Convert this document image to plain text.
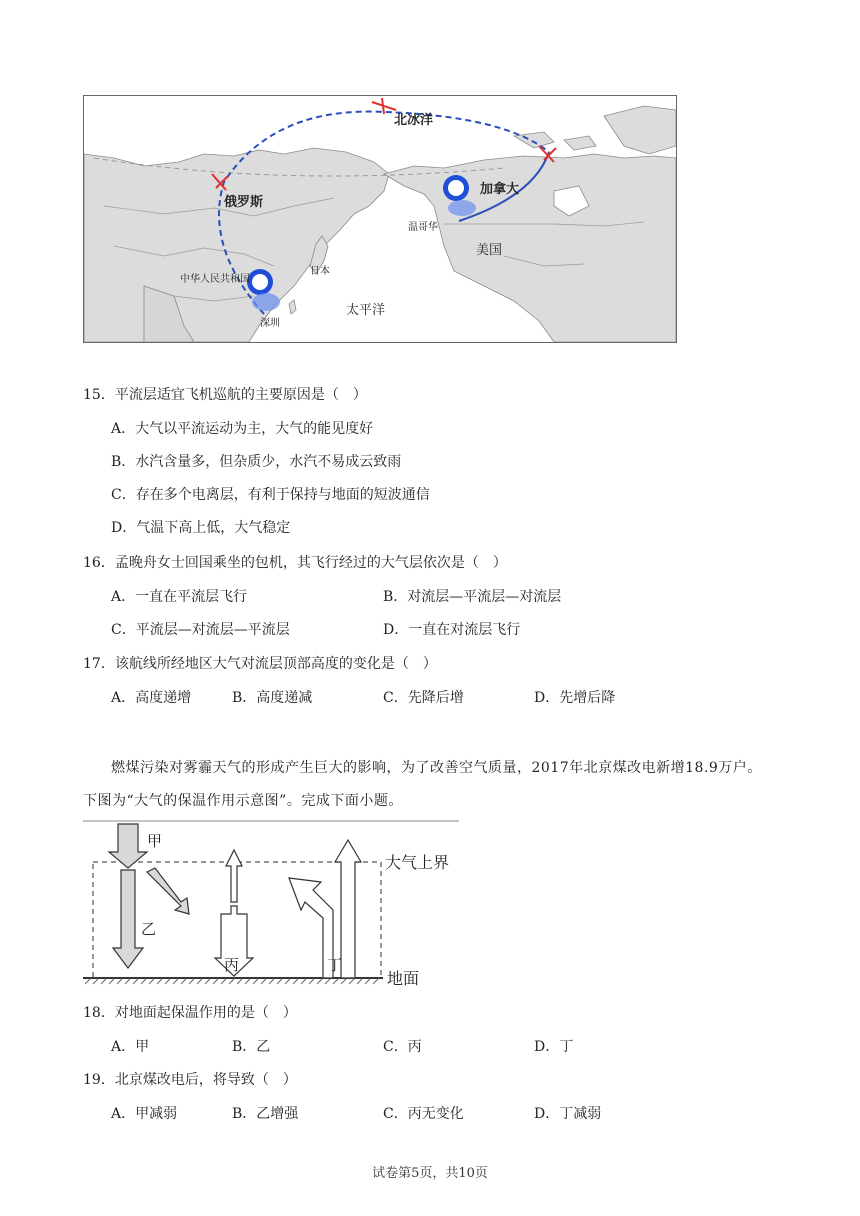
北冰洋
俄罗斯
加拿大
温哥华
美国
中华人民共和国
日本
太平洋
深圳
15．平流层适宜飞机巡航的主要原因是（　）
A．大气以平流运动为主，大气的能见度好
B．水汽含量多，但杂质少，水汽不易成云致雨
C．存在多个电离层，有利于保持与地面的短波通信
D．气温下高上低，大气稳定
16．孟晚舟女士回国乘坐的包机，其飞行经过的大气层依次是（　）
A．一直在平流层飞行	B．对流层—平流层—对流层
C．平流层—对流层—平流层	D．一直在对流层飞行
17．该航线所经地区大气对流层顶部高度的变化是（　）
A．高度递增	B．高度递减	C．先降后增	D．先增后降
燃煤污染对雾霾天气的形成产生巨大的影响，为了改善空气质量，2017年北京煤改电新增18.9万户。
下图为“大气的保温作用示意图”。完成下面小题。
甲
乙
丙	丁
大气上界
地面
18．对地面起保温作用的是（　）
A．甲	B．乙	C．丙	D．丁
19．北京煤改电后，将导致（　）
A．甲减弱	B．乙增强	C．丙无变化	D．丁减弱
试卷第5页，共10页
